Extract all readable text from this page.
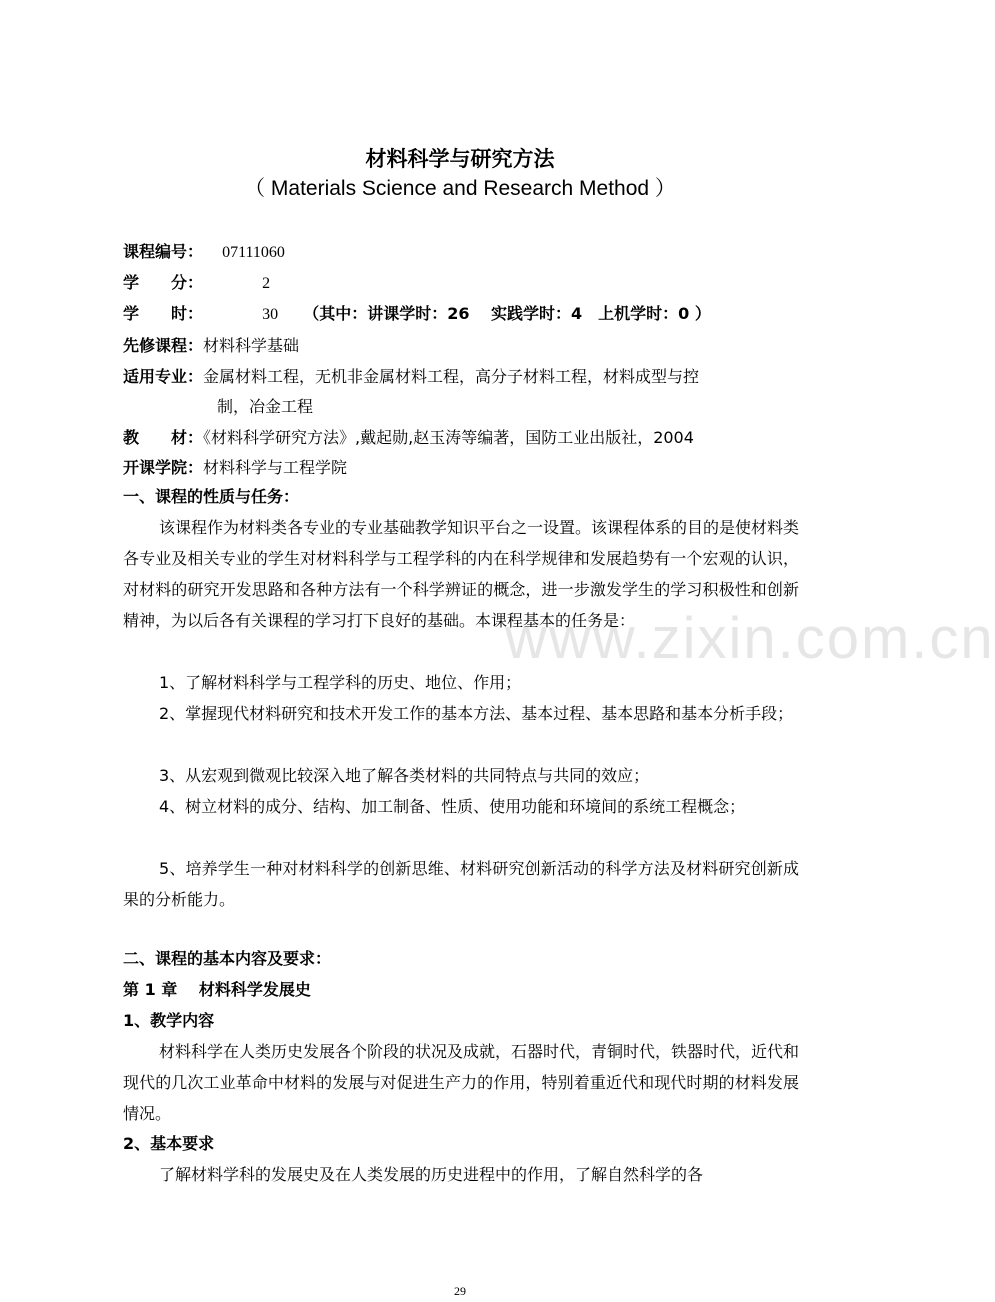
材料科学与研究方法
（ Materials Science and Research Method ）
课程编号： 07111060
学　　分：	2
学　　时：	30 （其中：讲课学时：26　 实践学时：4　上机学时：0 ）
先修课程：材料科学基础
适用专业：金属材料工程，无机非金属材料工程，高分子材料工程，材料成型与控
制，冶金工程
教　　材：《材料科学研究方法》,戴起勋,赵玉涛等编著，国防工业出版社，2004
开课学院：材料科学与工程学院
一、课程的性质与任务：
该课程作为材料类各专业的专业基础教学知识平台之一设置。该课程体系的目的是使材料类各专业及相关专业的学生对材料科学与工程学科的内在科学规律和发展趋势有一个宏观的认识，对材料的研究开发思路和各种方法有一个科学辨证的概念，进一步激发学生的学习积极性和创新精神，为以后各有关课程的学习打下良好的基础。本课程基本的任务是：
1、了解材料科学与工程学科的历史、地位、作用；
2、掌握现代材料研究和技术开发工作的基本方法、基本过程、基本思路和基本分析手段；
3、从宏观到微观比较深入地了解各类材料的共同特点与共同的效应；
4、树立材料的成分、结构、加工制备、性质、使用功能和环境间的系统工程概念；
5、培养学生一种对材料科学的创新思维、材料研究创新活动的科学方法及材料研究创新成果的分析能力。
二、课程的基本内容及要求：
第 1 章　 材料科学发展史
1、教学内容
材料科学在人类历史发展各个阶段的状况及成就，石器时代，青铜时代，铁器时代，近代和现代的几次工业革命中材料的发展与对促进生产力的作用，特别着重近代和现代时期的材料发展情况。
2、基本要求
了解材料学科的发展史及在人类发展的历史进程中的作用，了解自然科学的各
www.zixin.com.cn
29
